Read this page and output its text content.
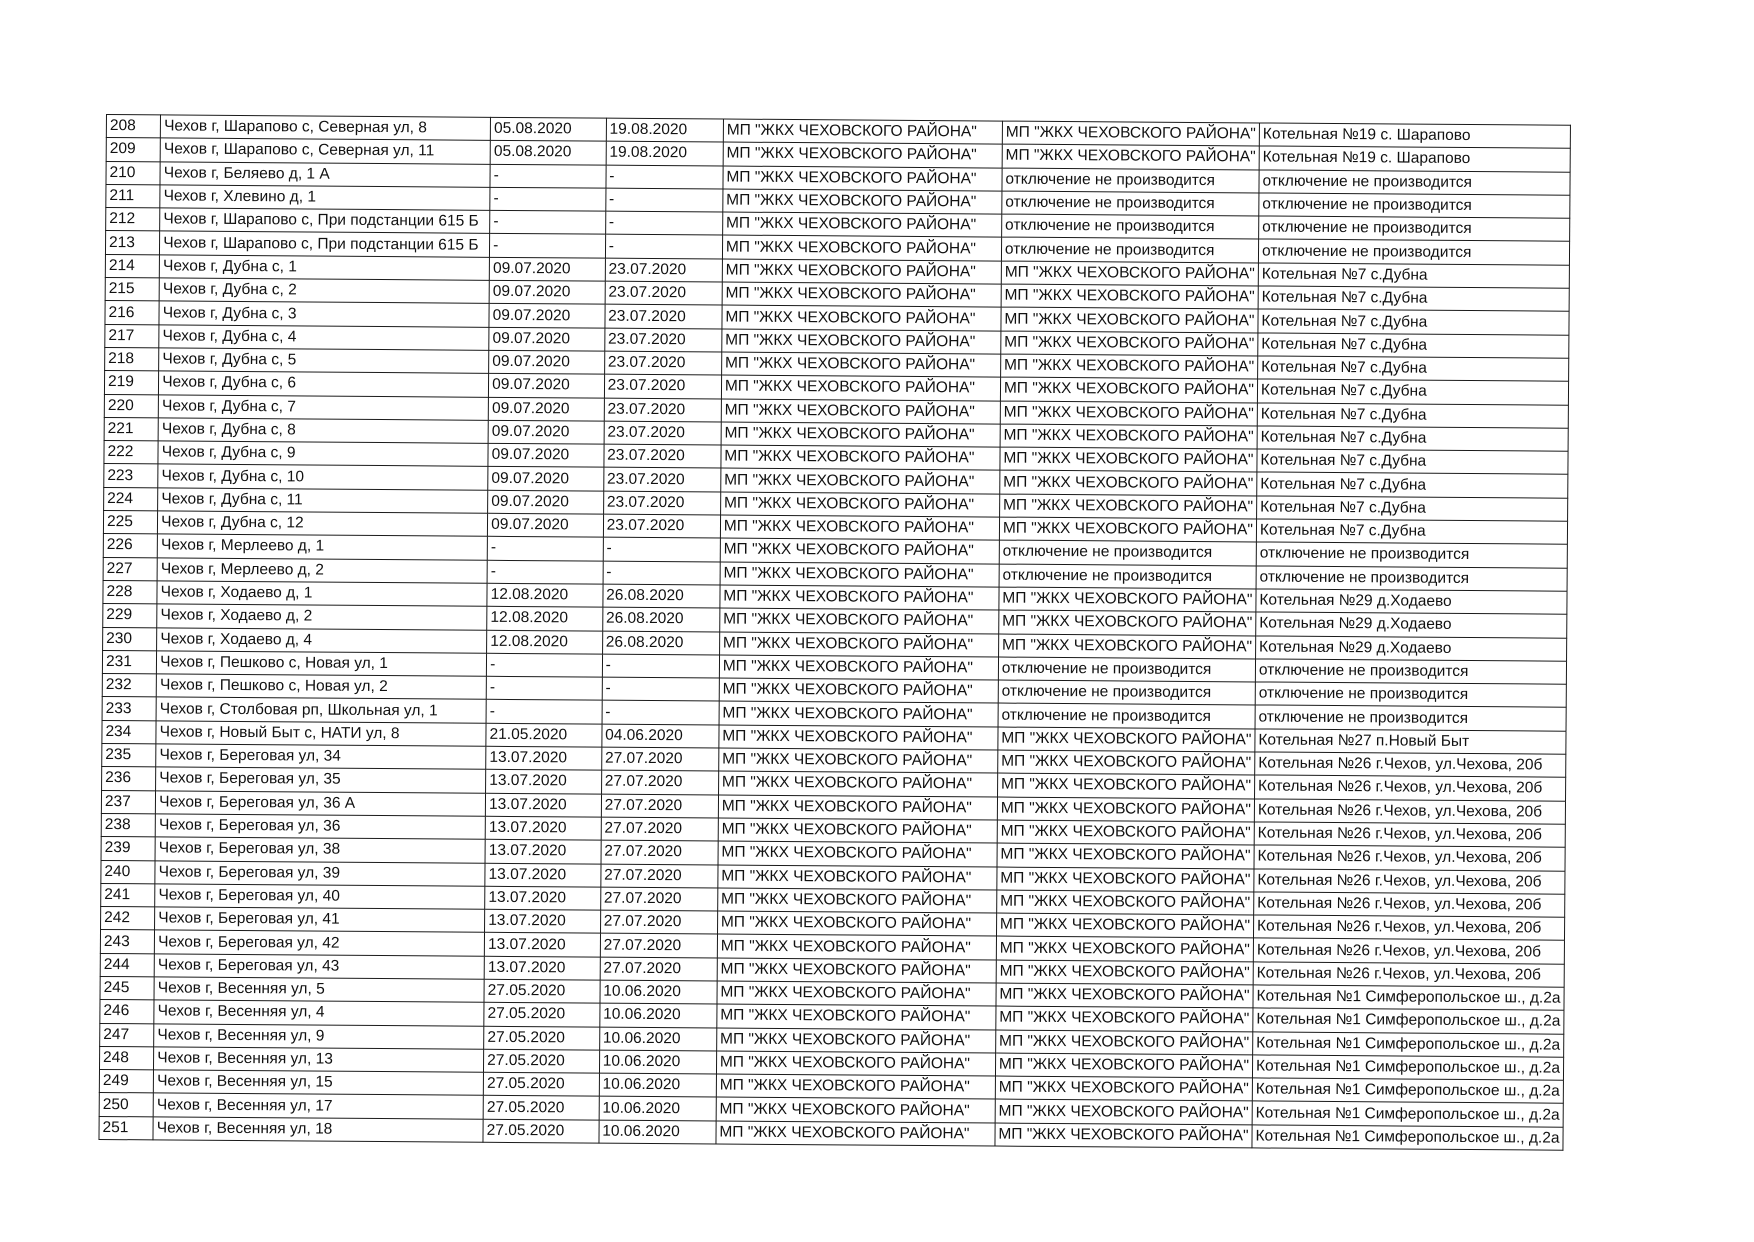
208	Чехов г, Шарапово с, Северная ул, 8	05.08.2020	19.08.2020	МП "ЖКХ ЧЕХОВСКОГО РАЙОНА"	МП "ЖКХ ЧЕХОВСКОГО РАЙОНА"	Котельная №19 с. Шарапово
209	Чехов г, Шарапово с, Северная ул, 11	05.08.2020	19.08.2020	МП "ЖКХ ЧЕХОВСКОГО РАЙОНА"	МП "ЖКХ ЧЕХОВСКОГО РАЙОНА"	Котельная №19 с. Шарапово
210	Чехов г, Беляево д, 1 А	-	-	МП "ЖКХ ЧЕХОВСКОГО РАЙОНА"	отключение не производится	отключение не производится
211	Чехов г, Хлевино д, 1	-	-	МП "ЖКХ ЧЕХОВСКОГО РАЙОНА"	отключение не производится	отключение не производится
212	Чехов г, Шарапово с, При подстанции 615 Б	-	-	МП "ЖКХ ЧЕХОВСКОГО РАЙОНА"	отключение не производится	отключение не производится
213	Чехов г, Шарапово с, При подстанции 615 Б	-	-	МП "ЖКХ ЧЕХОВСКОГО РАЙОНА"	отключение не производится	отключение не производится
214	Чехов г, Дубна с, 1	09.07.2020	23.07.2020	МП "ЖКХ ЧЕХОВСКОГО РАЙОНА"	МП "ЖКХ ЧЕХОВСКОГО РАЙОНА"	Котельная №7 с.Дубна
215	Чехов г, Дубна с, 2	09.07.2020	23.07.2020	МП "ЖКХ ЧЕХОВСКОГО РАЙОНА"	МП "ЖКХ ЧЕХОВСКОГО РАЙОНА"	Котельная №7 с.Дубна
216	Чехов г, Дубна с, 3	09.07.2020	23.07.2020	МП "ЖКХ ЧЕХОВСКОГО РАЙОНА"	МП "ЖКХ ЧЕХОВСКОГО РАЙОНА"	Котельная №7 с.Дубна
217	Чехов г, Дубна с, 4	09.07.2020	23.07.2020	МП "ЖКХ ЧЕХОВСКОГО РАЙОНА"	МП "ЖКХ ЧЕХОВСКОГО РАЙОНА"	Котельная №7 с.Дубна
218	Чехов г, Дубна с, 5	09.07.2020	23.07.2020	МП "ЖКХ ЧЕХОВСКОГО РАЙОНА"	МП "ЖКХ ЧЕХОВСКОГО РАЙОНА"	Котельная №7 с.Дубна
219	Чехов г, Дубна с, 6	09.07.2020	23.07.2020	МП "ЖКХ ЧЕХОВСКОГО РАЙОНА"	МП "ЖКХ ЧЕХОВСКОГО РАЙОНА"	Котельная №7 с.Дубна
220	Чехов г, Дубна с, 7	09.07.2020	23.07.2020	МП "ЖКХ ЧЕХОВСКОГО РАЙОНА"	МП "ЖКХ ЧЕХОВСКОГО РАЙОНА"	Котельная №7 с.Дубна
221	Чехов г, Дубна с, 8	09.07.2020	23.07.2020	МП "ЖКХ ЧЕХОВСКОГО РАЙОНА"	МП "ЖКХ ЧЕХОВСКОГО РАЙОНА"	Котельная №7 с.Дубна
222	Чехов г, Дубна с, 9	09.07.2020	23.07.2020	МП "ЖКХ ЧЕХОВСКОГО РАЙОНА"	МП "ЖКХ ЧЕХОВСКОГО РАЙОНА"	Котельная №7 с.Дубна
223	Чехов г, Дубна с, 10	09.07.2020	23.07.2020	МП "ЖКХ ЧЕХОВСКОГО РАЙОНА"	МП "ЖКХ ЧЕХОВСКОГО РАЙОНА"	Котельная №7 с.Дубна
224	Чехов г, Дубна с, 11	09.07.2020	23.07.2020	МП "ЖКХ ЧЕХОВСКОГО РАЙОНА"	МП "ЖКХ ЧЕХОВСКОГО РАЙОНА"	Котельная №7 с.Дубна
225	Чехов г, Дубна с, 12	09.07.2020	23.07.2020	МП "ЖКХ ЧЕХОВСКОГО РАЙОНА"	МП "ЖКХ ЧЕХОВСКОГО РАЙОНА"	Котельная №7 с.Дубна
226	Чехов г, Мерлеево д, 1	-	-	МП "ЖКХ ЧЕХОВСКОГО РАЙОНА"	отключение не производится	отключение не производится
227	Чехов г, Мерлеево д, 2	-	-	МП "ЖКХ ЧЕХОВСКОГО РАЙОНА"	отключение не производится	отключение не производится
228	Чехов г, Ходаево д, 1	12.08.2020	26.08.2020	МП "ЖКХ ЧЕХОВСКОГО РАЙОНА"	МП "ЖКХ ЧЕХОВСКОГО РАЙОНА"	Котельная №29 д.Ходаево
229	Чехов г, Ходаево д, 2	12.08.2020	26.08.2020	МП "ЖКХ ЧЕХОВСКОГО РАЙОНА"	МП "ЖКХ ЧЕХОВСКОГО РАЙОНА"	Котельная №29 д.Ходаево
230	Чехов г, Ходаево д, 4	12.08.2020	26.08.2020	МП "ЖКХ ЧЕХОВСКОГО РАЙОНА"	МП "ЖКХ ЧЕХОВСКОГО РАЙОНА"	Котельная №29 д.Ходаево
231	Чехов г, Пешково с, Новая ул, 1	-	-	МП "ЖКХ ЧЕХОВСКОГО РАЙОНА"	отключение не производится	отключение не производится
232	Чехов г, Пешково с, Новая ул, 2	-	-	МП "ЖКХ ЧЕХОВСКОГО РАЙОНА"	отключение не производится	отключение не производится
233	Чехов г, Столбовая рп, Школьная ул, 1	-	-	МП "ЖКХ ЧЕХОВСКОГО РАЙОНА"	отключение не производится	отключение не производится
234	Чехов г, Новый Быт с, НАТИ ул, 8	21.05.2020	04.06.2020	МП "ЖКХ ЧЕХОВСКОГО РАЙОНА"	МП "ЖКХ ЧЕХОВСКОГО РАЙОНА"	Котельная №27 п.Новый Быт
235	Чехов г, Береговая ул, 34	13.07.2020	27.07.2020	МП "ЖКХ ЧЕХОВСКОГО РАЙОНА"	МП "ЖКХ ЧЕХОВСКОГО РАЙОНА"	Котельная №26 г.Чехов, ул.Чехова, 20б
236	Чехов г, Береговая ул, 35	13.07.2020	27.07.2020	МП "ЖКХ ЧЕХОВСКОГО РАЙОНА"	МП "ЖКХ ЧЕХОВСКОГО РАЙОНА"	Котельная №26 г.Чехов, ул.Чехова, 20б
237	Чехов г, Береговая ул, 36 А	13.07.2020	27.07.2020	МП "ЖКХ ЧЕХОВСКОГО РАЙОНА"	МП "ЖКХ ЧЕХОВСКОГО РАЙОНА"	Котельная №26 г.Чехов, ул.Чехова, 20б
238	Чехов г, Береговая ул, 36	13.07.2020	27.07.2020	МП "ЖКХ ЧЕХОВСКОГО РАЙОНА"	МП "ЖКХ ЧЕХОВСКОГО РАЙОНА"	Котельная №26 г.Чехов, ул.Чехова, 20б
239	Чехов г, Береговая ул, 38	13.07.2020	27.07.2020	МП "ЖКХ ЧЕХОВСКОГО РАЙОНА"	МП "ЖКХ ЧЕХОВСКОГО РАЙОНА"	Котельная №26 г.Чехов, ул.Чехова, 20б
240	Чехов г, Береговая ул, 39	13.07.2020	27.07.2020	МП "ЖКХ ЧЕХОВСКОГО РАЙОНА"	МП "ЖКХ ЧЕХОВСКОГО РАЙОНА"	Котельная №26 г.Чехов, ул.Чехова, 20б
241	Чехов г, Береговая ул, 40	13.07.2020	27.07.2020	МП "ЖКХ ЧЕХОВСКОГО РАЙОНА"	МП "ЖКХ ЧЕХОВСКОГО РАЙОНА"	Котельная №26 г.Чехов, ул.Чехова, 20б
242	Чехов г, Береговая ул, 41	13.07.2020	27.07.2020	МП "ЖКХ ЧЕХОВСКОГО РАЙОНА"	МП "ЖКХ ЧЕХОВСКОГО РАЙОНА"	Котельная №26 г.Чехов, ул.Чехова, 20б
243	Чехов г, Береговая ул, 42	13.07.2020	27.07.2020	МП "ЖКХ ЧЕХОВСКОГО РАЙОНА"	МП "ЖКХ ЧЕХОВСКОГО РАЙОНА"	Котельная №26 г.Чехов, ул.Чехова, 20б
244	Чехов г, Береговая ул, 43	13.07.2020	27.07.2020	МП "ЖКХ ЧЕХОВСКОГО РАЙОНА"	МП "ЖКХ ЧЕХОВСКОГО РАЙОНА"	Котельная №26 г.Чехов, ул.Чехова, 20б
245	Чехов г, Весенняя ул, 5	27.05.2020	10.06.2020	МП "ЖКХ ЧЕХОВСКОГО РАЙОНА"	МП "ЖКХ ЧЕХОВСКОГО РАЙОНА"	Котельная №1 Симферопольское ш., д.2а
246	Чехов г, Весенняя ул, 4	27.05.2020	10.06.2020	МП "ЖКХ ЧЕХОВСКОГО РАЙОНА"	МП "ЖКХ ЧЕХОВСКОГО РАЙОНА"	Котельная №1 Симферопольское ш., д.2а
247	Чехов г, Весенняя ул, 9	27.05.2020	10.06.2020	МП "ЖКХ ЧЕХОВСКОГО РАЙОНА"	МП "ЖКХ ЧЕХОВСКОГО РАЙОНА"	Котельная №1 Симферопольское ш., д.2а
248	Чехов г, Весенняя ул, 13	27.05.2020	10.06.2020	МП "ЖКХ ЧЕХОВСКОГО РАЙОНА"	МП "ЖКХ ЧЕХОВСКОГО РАЙОНА"	Котельная №1 Симферопольское ш., д.2а
249	Чехов г, Весенняя ул, 15	27.05.2020	10.06.2020	МП "ЖКХ ЧЕХОВСКОГО РАЙОНА"	МП "ЖКХ ЧЕХОВСКОГО РАЙОНА"	Котельная №1 Симферопольское ш., д.2а
250	Чехов г, Весенняя ул, 17	27.05.2020	10.06.2020	МП "ЖКХ ЧЕХОВСКОГО РАЙОНА"	МП "ЖКХ ЧЕХОВСКОГО РАЙОНА"	Котельная №1 Симферопольское ш., д.2а
251	Чехов г, Весенняя ул, 18	27.05.2020	10.06.2020	МП "ЖКХ ЧЕХОВСКОГО РАЙОНА"	МП "ЖКХ ЧЕХОВСКОГО РАЙОНА"	Котельная №1 Симферопольское ш., д.2а
